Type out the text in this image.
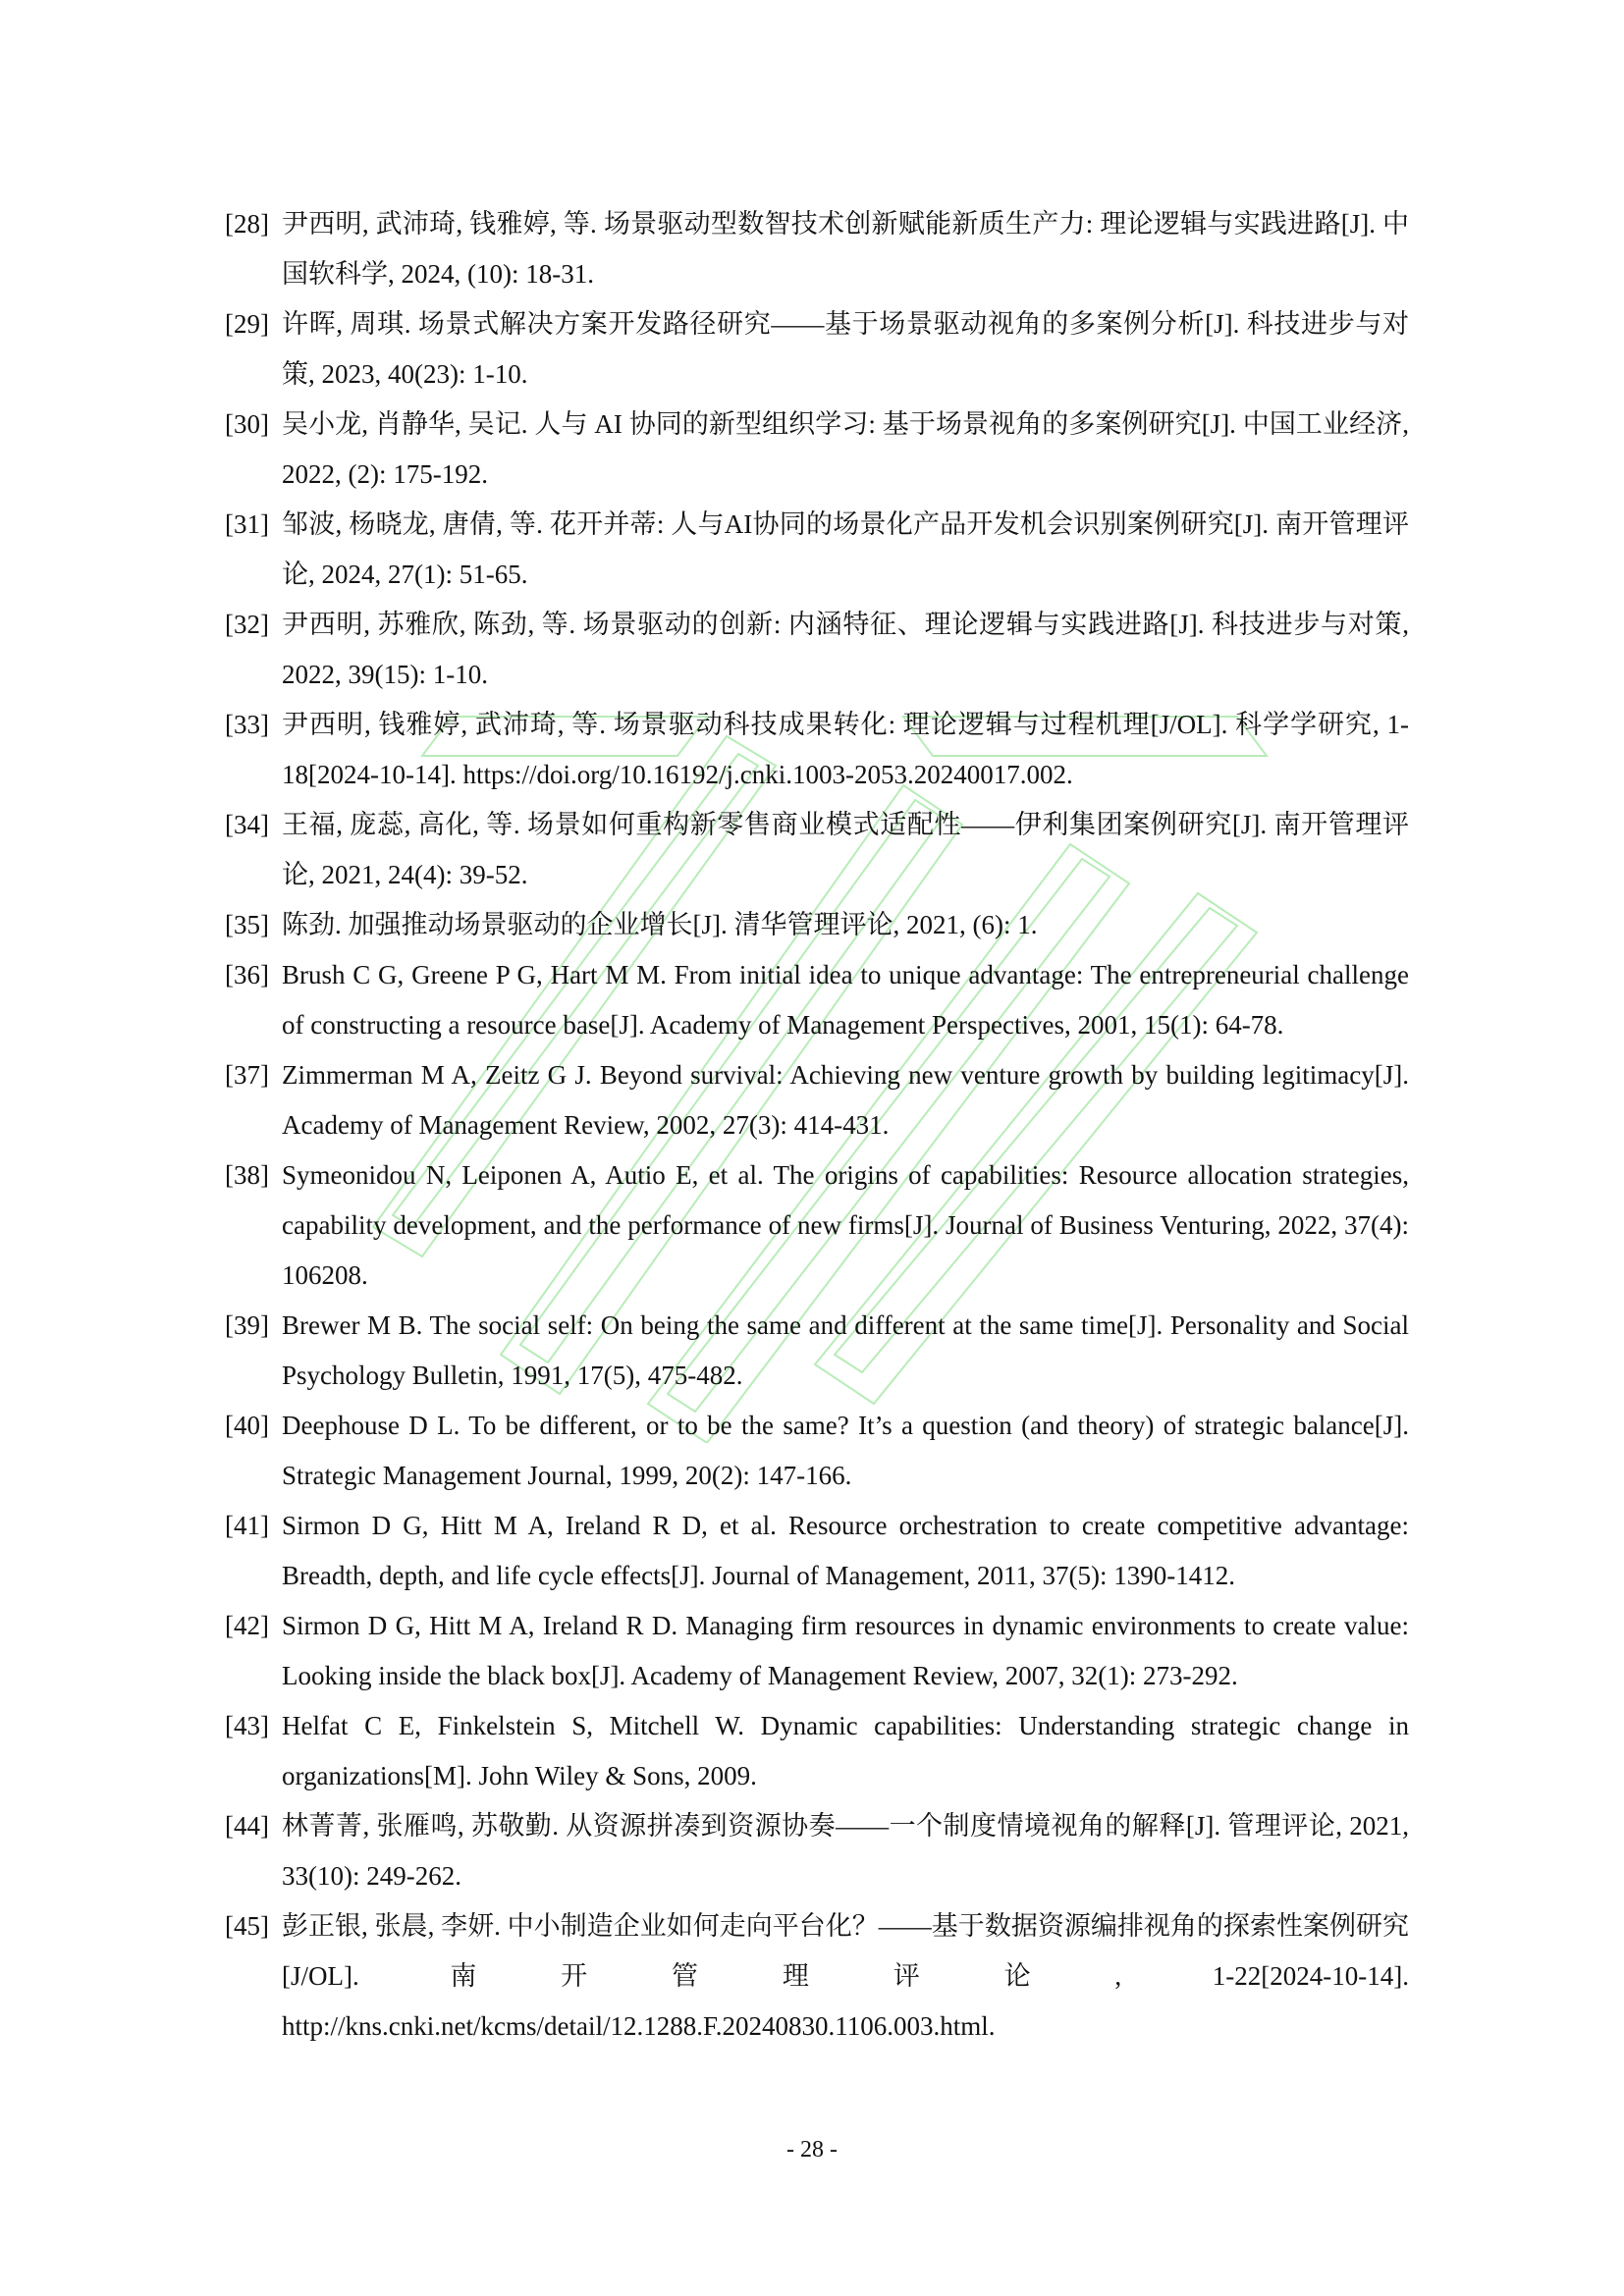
[28] 尹西明, 武沛琦, 钱雅婷, 等. 场景驱动型数智技术创新赋能新质生产力: 理论逻辑与实践进路[J]. 中国软科学, 2024, (10): 18-31.
[29] 许晖, 周琪. 场景式解决方案开发路径研究——基于场景驱动视角的多案例分析[J]. 科技进步与对策, 2023, 40(23): 1-10.
[30] 吴小龙, 肖静华, 吴记. 人与 AI 协同的新型组织学习: 基于场景视角的多案例研究[J]. 中国工业经济, 2022, (2): 175-192.
[31] 邹波, 杨晓龙, 唐倩, 等. 花开并蒂: 人与AI协同的场景化产品开发机会识别案例研究[J]. 南开管理评论, 2024, 27(1): 51-65.
[32] 尹西明, 苏雅欣, 陈劲, 等. 场景驱动的创新: 内涵特征、理论逻辑与实践进路[J]. 科技进步与对策, 2022, 39(15): 1-10.
[33] 尹西明, 钱雅婷, 武沛琦, 等. 场景驱动科技成果转化: 理论逻辑与过程机理[J/OL]. 科学学研究, 1-18[2024-10-14]. https://doi.org/10.16192/j.cnki.1003-2053.20240017.002.
[34] 王福, 庞蕊, 高化, 等. 场景如何重构新零售商业模式适配性——伊利集团案例研究[J]. 南开管理评论, 2021, 24(4): 39-52.
[35] 陈劲. 加强推动场景驱动的企业增长[J]. 清华管理评论, 2021, (6): 1.
[36] Brush C G, Greene P G, Hart M M. From initial idea to unique advantage: The entrepreneurial challenge of constructing a resource base[J]. Academy of Management Perspectives, 2001, 15(1): 64-78.
[37] Zimmerman M A, Zeitz G J. Beyond survival: Achieving new venture growth by building legitimacy[J]. Academy of Management Review, 2002, 27(3): 414-431.
[38] Symeonidou N, Leiponen A, Autio E, et al. The origins of capabilities: Resource allocation strategies, capability development, and the performance of new firms[J]. Journal of Business Venturing, 2022, 37(4): 106208.
[39] Brewer M B. The social self: On being the same and different at the same time[J]. Personality and Social Psychology Bulletin, 1991, 17(5), 475-482.
[40] Deephouse D L. To be different, or to be the same? It’s a question (and theory) of strategic balance[J]. Strategic Management Journal, 1999, 20(2): 147-166.
[41] Sirmon D G, Hitt M A, Ireland R D, et al. Resource orchestration to create competitive advantage: Breadth, depth, and life cycle effects[J]. Journal of Management, 2011, 37(5): 1390-1412.
[42] Sirmon D G, Hitt M A, Ireland R D. Managing firm resources in dynamic environments to create value: Looking inside the black box[J]. Academy of Management Review, 2007, 32(1): 273-292.
[43] Helfat C E, Finkelstein S, Mitchell W. Dynamic capabilities: Understanding strategic change in organizations[M]. John Wiley & Sons, 2009.
[44] 林菁菁, 张雁鸣, 苏敬勤. 从资源拼凑到资源协奏——一个制度情境视角的解释[J]. 管理评论, 2021, 33(10): 249-262.
[45] 彭正银, 张晨, 李妍. 中小制造企业如何走向平台化？——基于数据资源编排视角的探索性案例研究[J/OL]. 南开管理评论, 1-22[2024-10-14]. http://kns.cnki.net/kcms/detail/12.1288.F.20240830.1106.003.html.
- 28 -
